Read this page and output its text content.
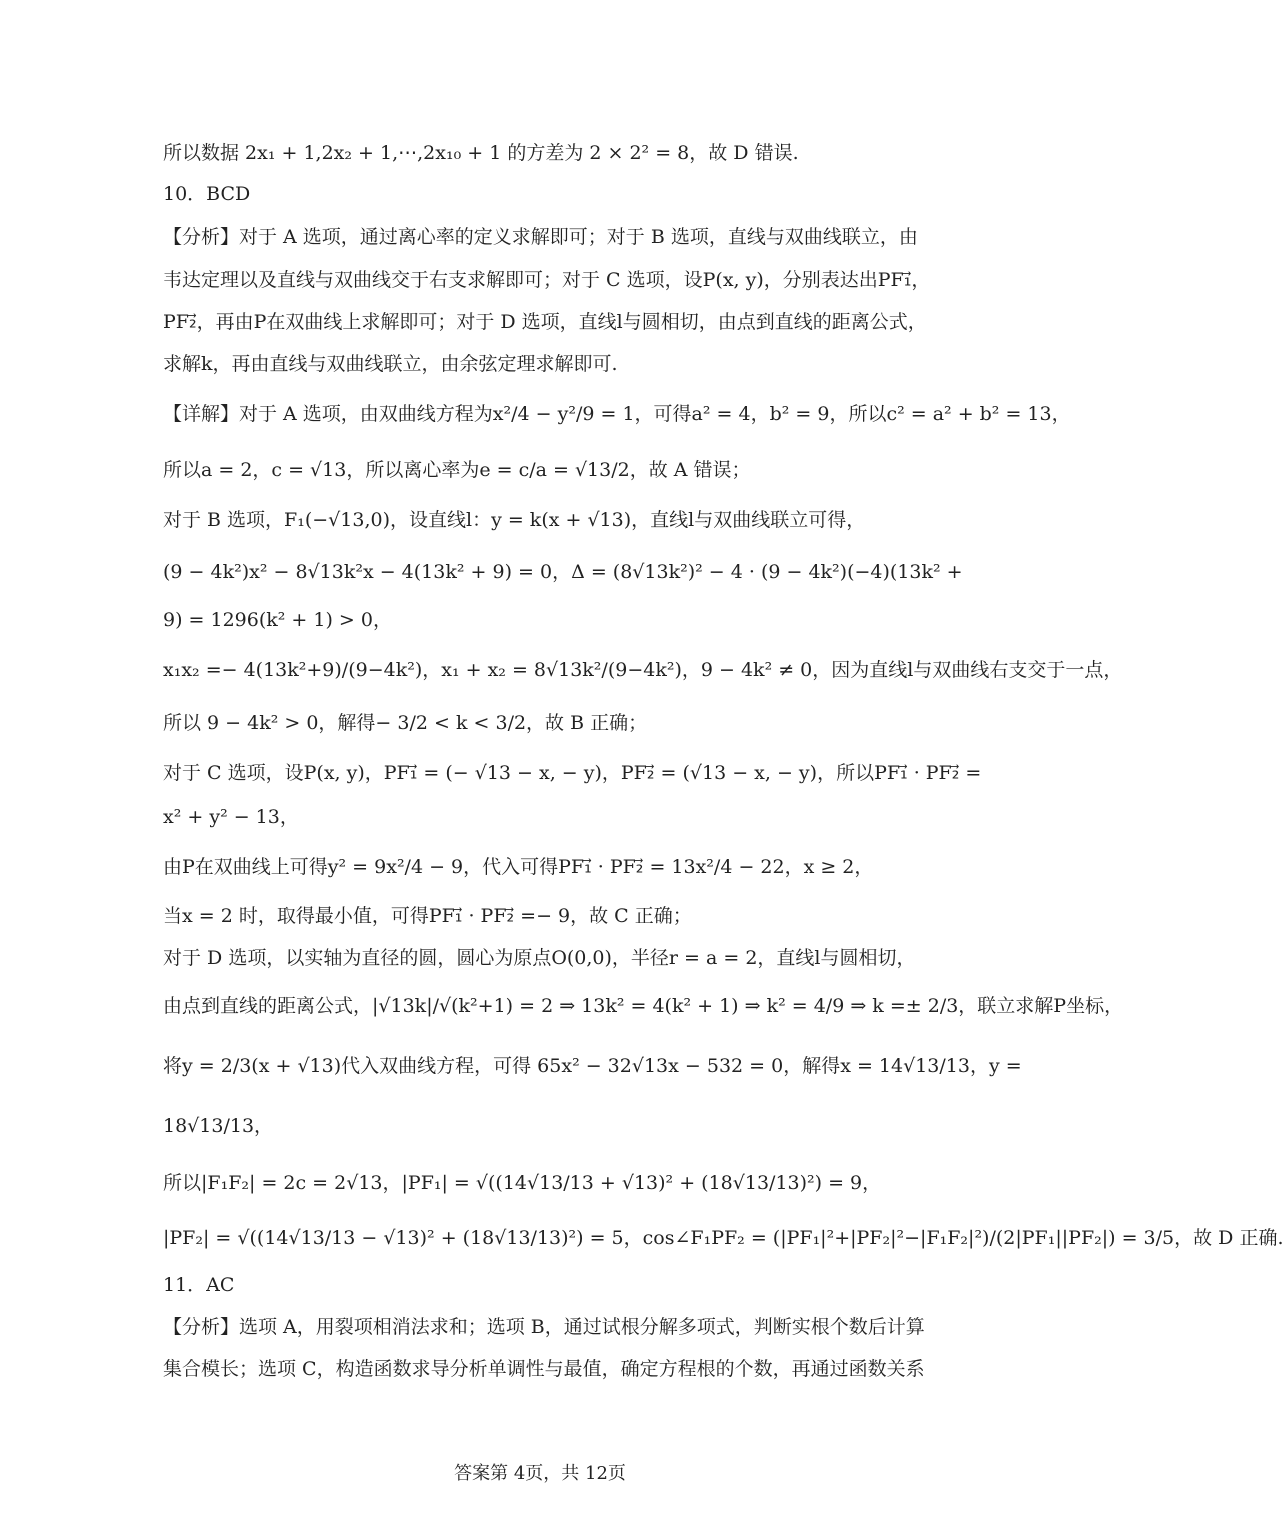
所以数据 2x₁ + 1,2x₂ + 1,⋯,2x₁₀ + 1 的方差为 2 × 2² = 8，故 D 错误.
10．BCD
【分析】对于 A 选项，通过离心率的定义求解即可；对于 B 选项，直线与双曲线联立，由
韦达定理以及直线与双曲线交于右支求解即可；对于 C 选项，设P(x, y)，分别表达出PF₁⃗，
PF₂⃗，再由P在双曲线上求解即可；对于 D 选项，直线l与圆相切，由点到直线的距离公式，
求解k，再由直线与双曲线联立，由余弦定理求解即可.
【详解】对于 A 选项，由双曲线方程为x²/4 − y²/9 = 1，可得a² = 4，b² = 9，所以c² = a² + b² = 13，
所以a = 2，c = √13，所以离心率为e = c/a = √13/2，故 A 错误；
对于 B 选项，F₁(−√13,0)，设直线l：y = k(x + √13)，直线l与双曲线联立可得，
(9 − 4k²)x² − 8√13k²x − 4(13k² + 9) = 0，Δ = (8√13k²)² − 4 · (9 − 4k²)(−4)(13k² +
9) = 1296(k² + 1) > 0，
x₁x₂ =− 4(13k²+9)/(9−4k²)，x₁ + x₂ = 8√13k²/(9−4k²)，9 − 4k² ≠ 0，因为直线l与双曲线右支交于一点，
所以 9 − 4k² > 0，解得− 3/2 < k < 3/2，故 B 正确；
对于 C 选项，设P(x, y)，PF₁⃗ = (− √13 − x, − y)，PF₂⃗ = (√13 − x, − y)，所以PF₁⃗ · PF₂⃗ =
x² + y² − 13，
由P在双曲线上可得y² = 9x²/4 − 9，代入可得PF₁⃗ · PF₂⃗ = 13x²/4 − 22，x ≥ 2，
当x = 2 时，取得最小值，可得PF₁⃗ · PF₂⃗ =− 9，故 C 正确；
对于 D 选项，以实轴为直径的圆，圆心为原点O(0,0)，半径r = a = 2，直线l与圆相切，
由点到直线的距离公式，|√13k|/√(k²+1) = 2 ⇒ 13k² = 4(k² + 1) ⇒ k² = 4/9 ⇒ k =± 2/3，联立求解P坐标，
将y = 2/3(x + √13)代入双曲线方程，可得 65x² − 32√13x − 532 = 0，解得x = 14√13/13，y =
18√13/13，
所以|F₁F₂| = 2c = 2√13，|PF₁| = √((14√13/13 + √13)² + (18√13/13)²) = 9，
|PF₂| = √((14√13/13 − √13)² + (18√13/13)²) = 5，cos∠F₁PF₂ = (|PF₁|²+|PF₂|²−|F₁F₂|²)/(2|PF₁||PF₂|) = 3/5，故 D 正确.
11．AC
【分析】选项 A，用裂项相消法求和；选项 B，通过试根分解多项式，判断实根个数后计算
集合模长；选项 C，构造函数求导分析单调性与最值，确定方程根的个数，再通过函数关系
答案第 4页，共 12页
